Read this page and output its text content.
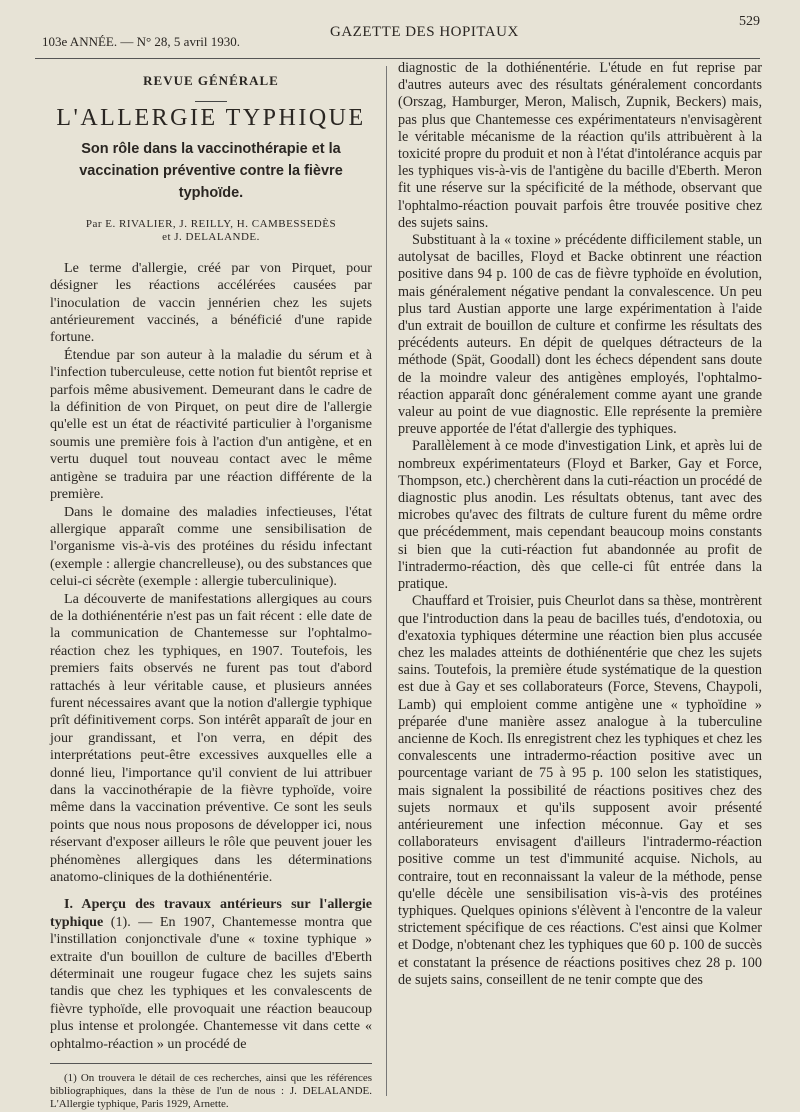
103e ANNÉE. — N° 28, 5 avril 1930.
GAZETTE DES HOPITAUX
529
REVUE GÉNÉRALE
L'ALLERGIE TYPHIQUE
Son rôle dans la vaccinothérapie et la vaccination préventive contre la fièvre typhoïde.
Par E. RIVALIER, J. REILLY, H. CAMBESSEDÈS
et J. DELALANDE.

Le terme d'allergie, créé par von Pirquet, pour désigner les réactions accélérées causées par l'inoculation de vaccin jennérien chez les sujets antérieurement vaccinés, a bénéficié d'une rapide fortune.

Étendue par son auteur à la maladie du sérum et à l'infection tuberculeuse, cette notion fut bientôt reprise et parfois même abusivement. Demeurant dans le cadre de la définition de von Pirquet, on peut dire de l'allergie qu'elle est un état de réactivité particulier à l'organisme soumis une première fois à l'action d'un antigène, et en vertu duquel tout nouveau contact avec le même antigène se traduira par une réaction différente de la première.

Dans le domaine des maladies infectieuses, l'état allergique apparaît comme une sensibilisation de l'organisme vis-à-vis des protéines du résidu infectant (exemple : allergie chancrelleuse), ou des substances que celui-ci sécrète (exemple : allergie tuberculinique).

La découverte de manifestations allergiques au cours de la dothiénentérie n'est pas un fait récent : elle date de la communication de Chantemesse sur l'ophtalmo-réaction chez les typhiques, en 1907. Toutefois, les premiers faits observés ne furent pas tout d'abord rattachés à leur véritable cause, et plusieurs années furent nécessaires avant que la notion d'allergie typhique prît définitivement corps. Son intérêt apparaît de jour en jour grandissant, et l'on verra, en dépit des interprétations peut-être excessives auxquelles elle a donné lieu, l'importance qu'il convient de lui attribuer dans la vaccinothérapie de la fièvre typhoïde, voire même dans la vaccination préventive. Ce sont les seuls points que nous nous proposons de développer ici, nous réservant d'exposer ailleurs le rôle que peuvent jouer les phénomènes allergiques dans les déterminations anatomo-cliniques de la dothiénentérie.

I. Aperçu des travaux antérieurs sur l'allergie typhique (1). — En 1907, Chantemesse montra que l'instillation conjonctivale d'une « toxine typhique » extraite d'un bouillon de culture de bacilles d'Eberth déterminait une rougeur fugace chez les sujets sains tandis que chez les typhiques et les convalescents de fièvre typhoïde, elle provoquait une réaction beaucoup plus intense et prolongée. Chantemesse vit dans cette « ophtalmo-réaction » un procédé de

(1) On trouvera le détail de ces recherches, ainsi que les références bibliographiques, dans la thèse de l'un de nous : J. DELALANDE. L'Allergie typhique, Paris 1929, Arnette.

diagnostic de la dothiénentérie. L'étude en fut reprise par d'autres auteurs avec des résultats généralement concordants (Orszag, Hamburger, Meron, Malisch, Zupnik, Beckers) mais, pas plus que Chantemesse ces expérimentateurs n'envisagèrent le véritable mécanisme de la réaction qu'ils attribuèrent à la toxicité propre du produit et non à l'état d'intolérance acquis par les typhiques vis-à-vis de l'antigène du bacille d'Eberth. Meron fit une réserve sur la spécificité de la méthode, observant que l'ophtalmo-réaction pouvait parfois être trouvée positive chez des sujets sains.

Substituant à la « toxine » précédente difficilement stable, un autolysat de bacilles, Floyd et Backe obtinrent une réaction positive dans 94 p. 100 de cas de fièvre typhoïde en évolution, mais généralement négative pendant la convalescence. Un peu plus tard Austian apporte une large expérimentation à l'aide d'un extrait de bouillon de culture et confirme les résultats des précédents auteurs. En dépit de quelques détracteurs de la méthode (Spät, Goodall) dont les échecs dépendent sans doute de la moindre valeur des antigènes employés, l'ophtalmo-réaction apparaît donc généralement comme ayant une grande valeur au point de vue diagnostic. Elle représente la première preuve apportée de l'état d'allergie des typhiques.

Parallèlement à ce mode d'investigation Link, et après lui de nombreux expérimentateurs (Floyd et Barker, Gay et Force, Thompson, etc.) cherchèrent dans la cuti-réaction un procédé de diagnostic plus anodin. Les résultats obtenus, tant avec des microbes qu'avec des filtrats de culture furent du même ordre que précédemment, mais cependant beaucoup moins constants si bien que la cuti-réaction fut abandonnée au profit de l'intradermo-réaction, dès que celle-ci fût entrée dans la pratique.

Chauffard et Troisier, puis Cheurlot dans sa thèse, montrèrent que l'introduction dans la peau de bacilles tués, d'endotoxia, ou d'exatoxia typhiques détermine une réaction bien plus accusée chez les malades atteints de dothiénentérie que chez les sujets sains. Toutefois, la première étude systématique de la question est due à Gay et ses collaborateurs (Force, Stevens, Chaypoli, Lamb) qui emploient comme antigène une « typhoïdine » préparée d'une manière assez analogue à la tuberculine ancienne de Koch. Ils enregistrent chez les typhiques et chez les convalescents une intradermo-réaction positive avec un pourcentage variant de 75 à 95 p. 100 selon les statistiques, mais signalent la possibilité de réactions positives chez des sujets normaux et qu'ils supposent avoir présenté antérieurement une infection méconnue. Gay et ses collaborateurs envisagent d'ailleurs l'intradermo-réaction positive comme un test d'immunité acquise. Nichols, au contraire, tout en reconnaissant la valeur de la méthode, pense qu'elle décèle une sensibilisation vis-à-vis des protéines typhiques. Quelques opinions s'élèvent à l'encontre de la valeur strictement spécifique de ces réactions. C'est ainsi que Kolmer et Dodge, n'obtenant chez les typhiques que 60 p. 100 de succès et constatant la présence de réactions positives chez 28 p. 100 de sujets sains, conseillent de ne tenir compte que des
